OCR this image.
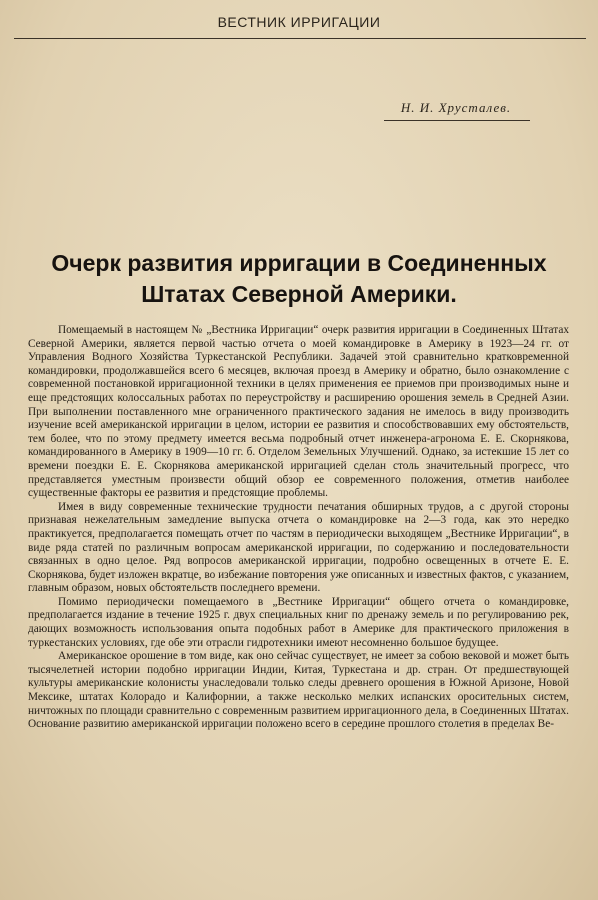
ВЕСТНИК ИРРИГАЦИИ
Н. И. Хрусталев.
Очерк развития ирригации в Соединенных Штатах Северной Америки.

Помещаемый в настоящем № „Вестника Ирригации“ очерк развития ирригации в Соединенных Штатах Северной Америки, является первой частью отчета о моей командировке в Америку в 1923—24 гг. от Управления Водного Хозяйства Туркестанской Республики. Задачей этой сравнительно кратковременной командировки, продолжавшейся всего 6 месяцев, включая проезд в Америку и обратно, было ознакомление с современной постановкой ирригационной техники в целях применения ее приемов при производимых ныне и еще предстоящих колоссальных работах по переустройству и расширению орошения земель в Средней Азии. При выполнении поставленного мне ограниченного практического задания не имелось в виду производить изучение всей американской ирригации в целом, истории ее развития и способствовавших ему обстоятельств, тем более, что по этому предмету имеется весьма подробный отчет инженера-агронома Е. Е. Скорнякова, командированного в Америку в 1909—10 гг. б. Отделом Земельных Улучшений. Однако, за истекшие 15 лет со времени поездки Е. Е. Скорнякова американской ирригацией сделан столь значительный прогресс, что представляется уместным произвести общий обзор ее современного положения, отметив наиболее существенные факторы ее развития и предстоящие проблемы.

Имея в виду современные технические трудности печатания обширных трудов, а с другой стороны признавая нежелательным замедление выпуска отчета о командировке на 2—3 года, как это нередко практикуется, предполагается помещать отчет по частям в периодически выходящем „Вестнике Ирригации“, в виде ряда статей по различным вопросам американской ирригации, по содержанию и последовательности связанных в одно целое. Ряд вопросов американской ирригации, подробно освещенных в отчете Е. Е. Скорнякова, будет изложен вкратце, во избежание повторения уже описанных и известных фактов, с указанием, главным образом, новых обстоятельств последнего времени.

Помимо периодически помещаемого в „Вестнике Ирригации“ общего отчета о командировке, предполагается издание в течение 1925 г. двух специальных книг по дренажу земель и по регулированию рек, дающих возможность использования опыта подобных работ в Америке для практического приложения в туркестанских условиях, где обе эти отрасли гидротехники имеют несомненно большое будущее.

Американское орошение в том виде, как оно сейчас существует, не имеет за собою вековой и может быть тысячелетней истории подобно ирригации Индии, Китая, Туркестана и др. стран. От предшествующей культуры американские колонисты унаследовали только следы древнего орошения в Южной Аризоне, Новой Мексике, штатах Колорадо и Калифорнии, а также несколько мелких испанских оросительных систем, ничтожных по площади сравнительно с современным развитием ирригационного дела, в Соединенных Штатах. Основание развитию американской ирригации положено всего в середине прошлого столетия в пределах Ве-
